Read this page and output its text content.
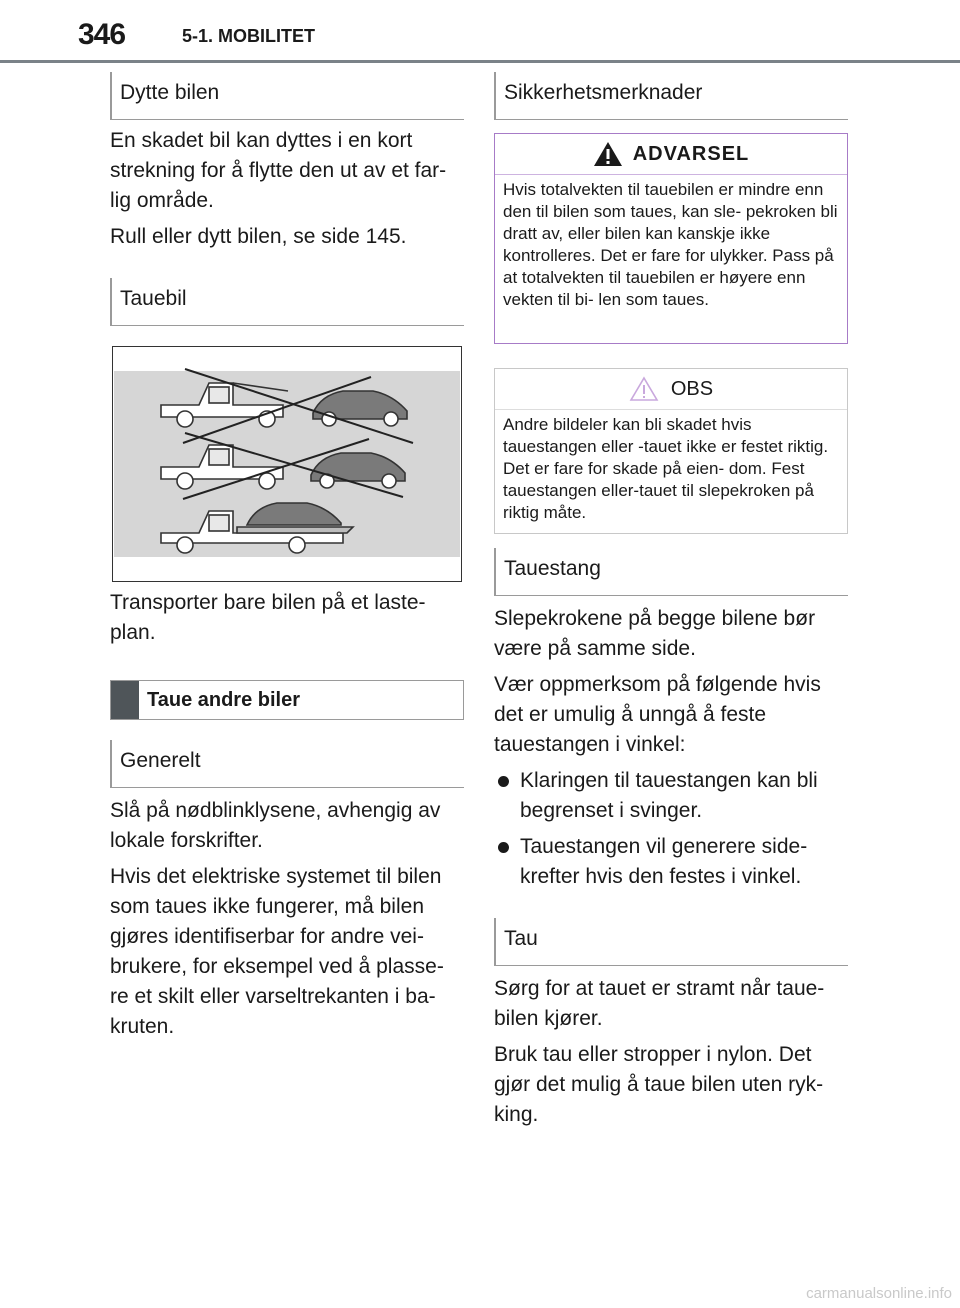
346	5-1. MOBILITET
Dytte bilen

En skadet bil kan dyttes i en kort strekning for å flytte den ut av et far- lig område.

Rull eller dytt bilen, se side 145.

Tauebil

Transporter bare bilen på et laste- plan.

Taue andre biler
Generelt

Slå på nødblinklysene, avhengig av lokale forskrifter.

Hvis det elektriske systemet til bilen som taues ikke fungerer, må bilen gjøres identifiserbar for andre vei- brukere, for eksempel ved å plasse- re et skilt eller varseltrekanten i ba- kruten.

Sikkerhetsmerknader
ADVARSEL
Hvis totalvekten til tauebilen er mindre enn den til bilen som taues, kan sle- pekroken bli dratt av, eller bilen kan kanskje ikke kontrolleres. Det er fare for ulykker. Pass på at totalvekten til tauebilen er høyere enn vekten til bi- len som taues.
OBS
Andre bildeler kan bli skadet hvis tauestangen eller -tauet ikke er festet riktig. Det er fare for skade på eien- dom. Fest tauestangen eller-tauet til slepekroken på riktig måte.
Tauestang

Slepekrokene på begge bilene bør være på samme side.

Vær oppmerksom på følgende hvis det er umulig å unngå å feste tauestangen i vinkel:

Klaringen til tauestangen kan bli begrenset i svinger.
Tauestangen vil generere side- krefter hvis den festes i vinkel.
Tau

Sørg for at tauet er stramt når taue- bilen kjører.

Bruk tau eller stropper i nylon. Det gjør det mulig å taue bilen uten ryk- king.

carmanualsonline.info
